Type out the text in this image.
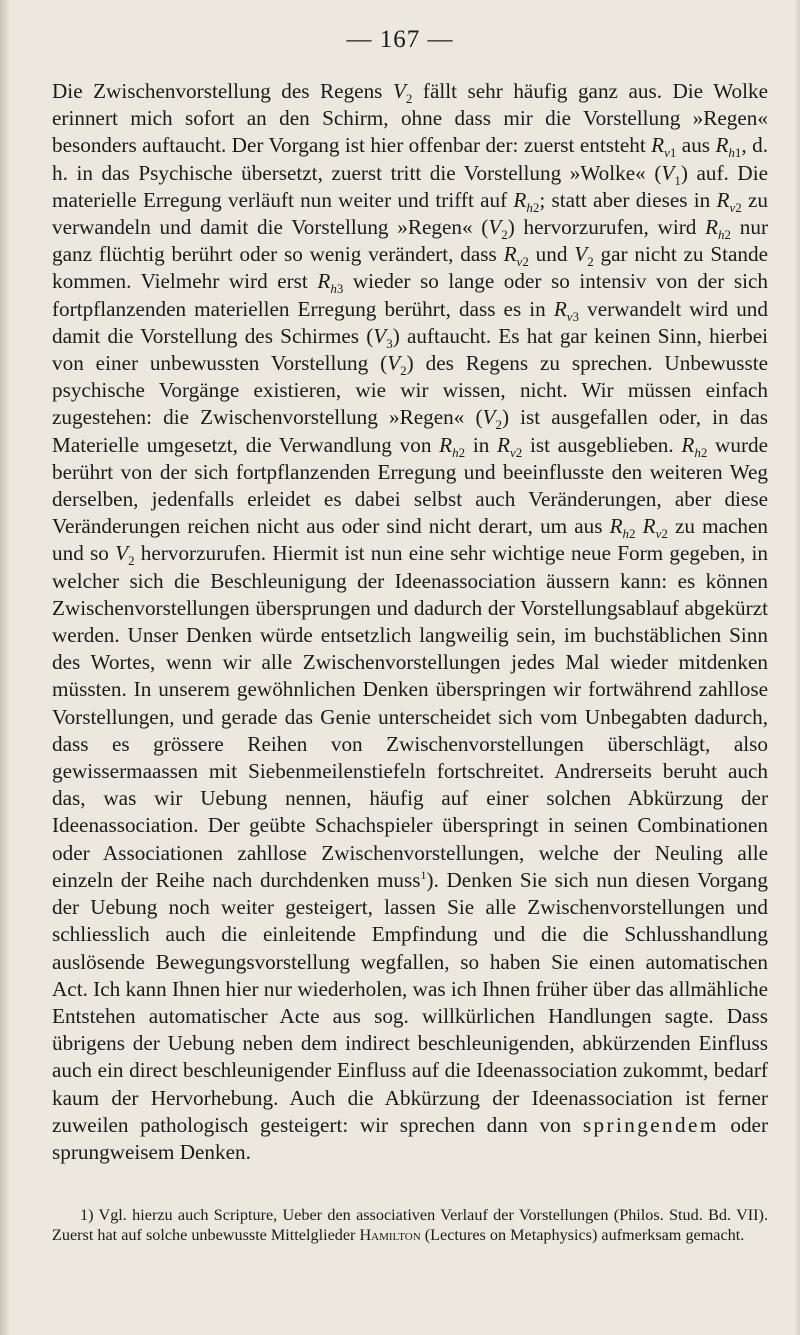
— 167 —

Die Zwischenvorstellung des Regens $V_2$ fällt sehr häufig ganz aus. Die Wolke erinnert mich sofort an den Schirm, ohne dass mir die Vorstellung »Regen« besonders auftaucht. Der Vorgang ist hier offenbar der: zuerst entsteht $R_{v1}$ aus $R_{h1}$, d. h. in das Psychische übersetzt, zuerst tritt die Vorstellung »Wolke« $(V_1)$ auf. Die materielle Erregung verläuft nun weiter und trifft auf $R_{h2}$; statt aber dieses in $R_{v2}$ zu verwandeln und damit die Vorstellung »Regen« $(V_2)$ hervorzurufen, wird $R_{h2}$ nur ganz flüchtig berührt oder so wenig verändert, dass $R_{v2}$ und $V_2$ gar nicht zu Stande kommen. Vielmehr wird erst $R_{h3}$ wieder so lange oder so intensiv von der sich fortpflanzenden materiellen Erregung berührt, dass es in $R_{v3}$ verwandelt wird und damit die Vorstellung des Schirmes $(V_3)$ auftaucht. Es hat gar keinen Sinn, hierbei von einer unbewussten Vorstellung $(V_2)$ des Regens zu sprechen. Unbewusste psychische Vorgänge existieren, wie wir wissen, nicht. Wir müssen einfach zugestehen: die Zwischenvorstellung »Regen« $(V_2)$ ist ausgefallen oder, in das Materielle umgesetzt, die Verwandlung von $R_{h2}$ in $R_{v2}$ ist ausgeblieben. $R_{h2}$ wurde berührt von der sich fortpflanzenden Erregung und beeinflusste den weiteren Weg derselben, jedenfalls erleidet es dabei selbst auch Veränderungen, aber diese Veränderungen reichen nicht aus oder sind nicht derart, um aus $R_{h2}$ $R_{v2}$ zu machen und so $V_2$ hervorzurufen. Hiermit ist nun eine sehr wichtige neue Form gegeben, in welcher sich die Beschleunigung der Ideenassociation äussern kann: es können Zwischenvorstellungen übersprungen und dadurch der Vorstellungsablauf abgekürzt werden. Unser Denken würde entsetzlich langweilig sein, im buchstäblichen Sinn des Wortes, wenn wir alle Zwischenvorstellungen jedes Mal wieder mitdenken müssten. In unserem gewöhnlichen Denken überspringen wir fortwährend zahllose Vorstellungen, und gerade das Genie unterscheidet sich vom Unbegabten dadurch, dass es grössere Reihen von Zwischenvorstellungen überschlägt, also gewissermaassen mit Siebenmeilenstiefeln fortschreitet. Andrerseits beruht auch das, was wir Uebung nennen, häufig auf einer solchen Abkürzung der Ideenassociation. Der geübte Schachspieler überspringt in seinen Combinationen oder Associationen zahllose Zwischenvorstellungen, welche der Neuling alle einzeln der Reihe nach durchdenken muss$^1$). Denken Sie sich nun diesen Vorgang der Uebung noch weiter gesteigert, lassen Sie alle Zwischenvorstellungen und schliesslich auch die einleitende Empfindung und die die Schlusshandlung auslösende Bewegungsvorstellung wegfallen, so haben Sie einen automatischen Act. Ich kann Ihnen hier nur wiederholen, was ich Ihnen früher über das allmähliche Entstehen automatischer Acte aus sog. willkürlichen Handlungen sagte. Dass übrigens der Uebung neben dem indirect beschleunigenden, abkürzenden Einfluss auch ein direct beschleunigender Einfluss auf die Ideenassociation zukommt, bedarf kaum der Hervorhebung. Auch die Abkürzung der Ideenassociation ist ferner zuweilen pathologisch gesteigert: wir sprechen dann von springendem oder sprungweisem Denken.

1) Vgl. hierzu auch Scripture, Ueber den associativen Verlauf der Vorstellungen (Philos. Stud. Bd. VII). Zuerst hat auf solche unbewusste Mittelglieder Hamilton (Lectures on Metaphysics) aufmerksam gemacht.
